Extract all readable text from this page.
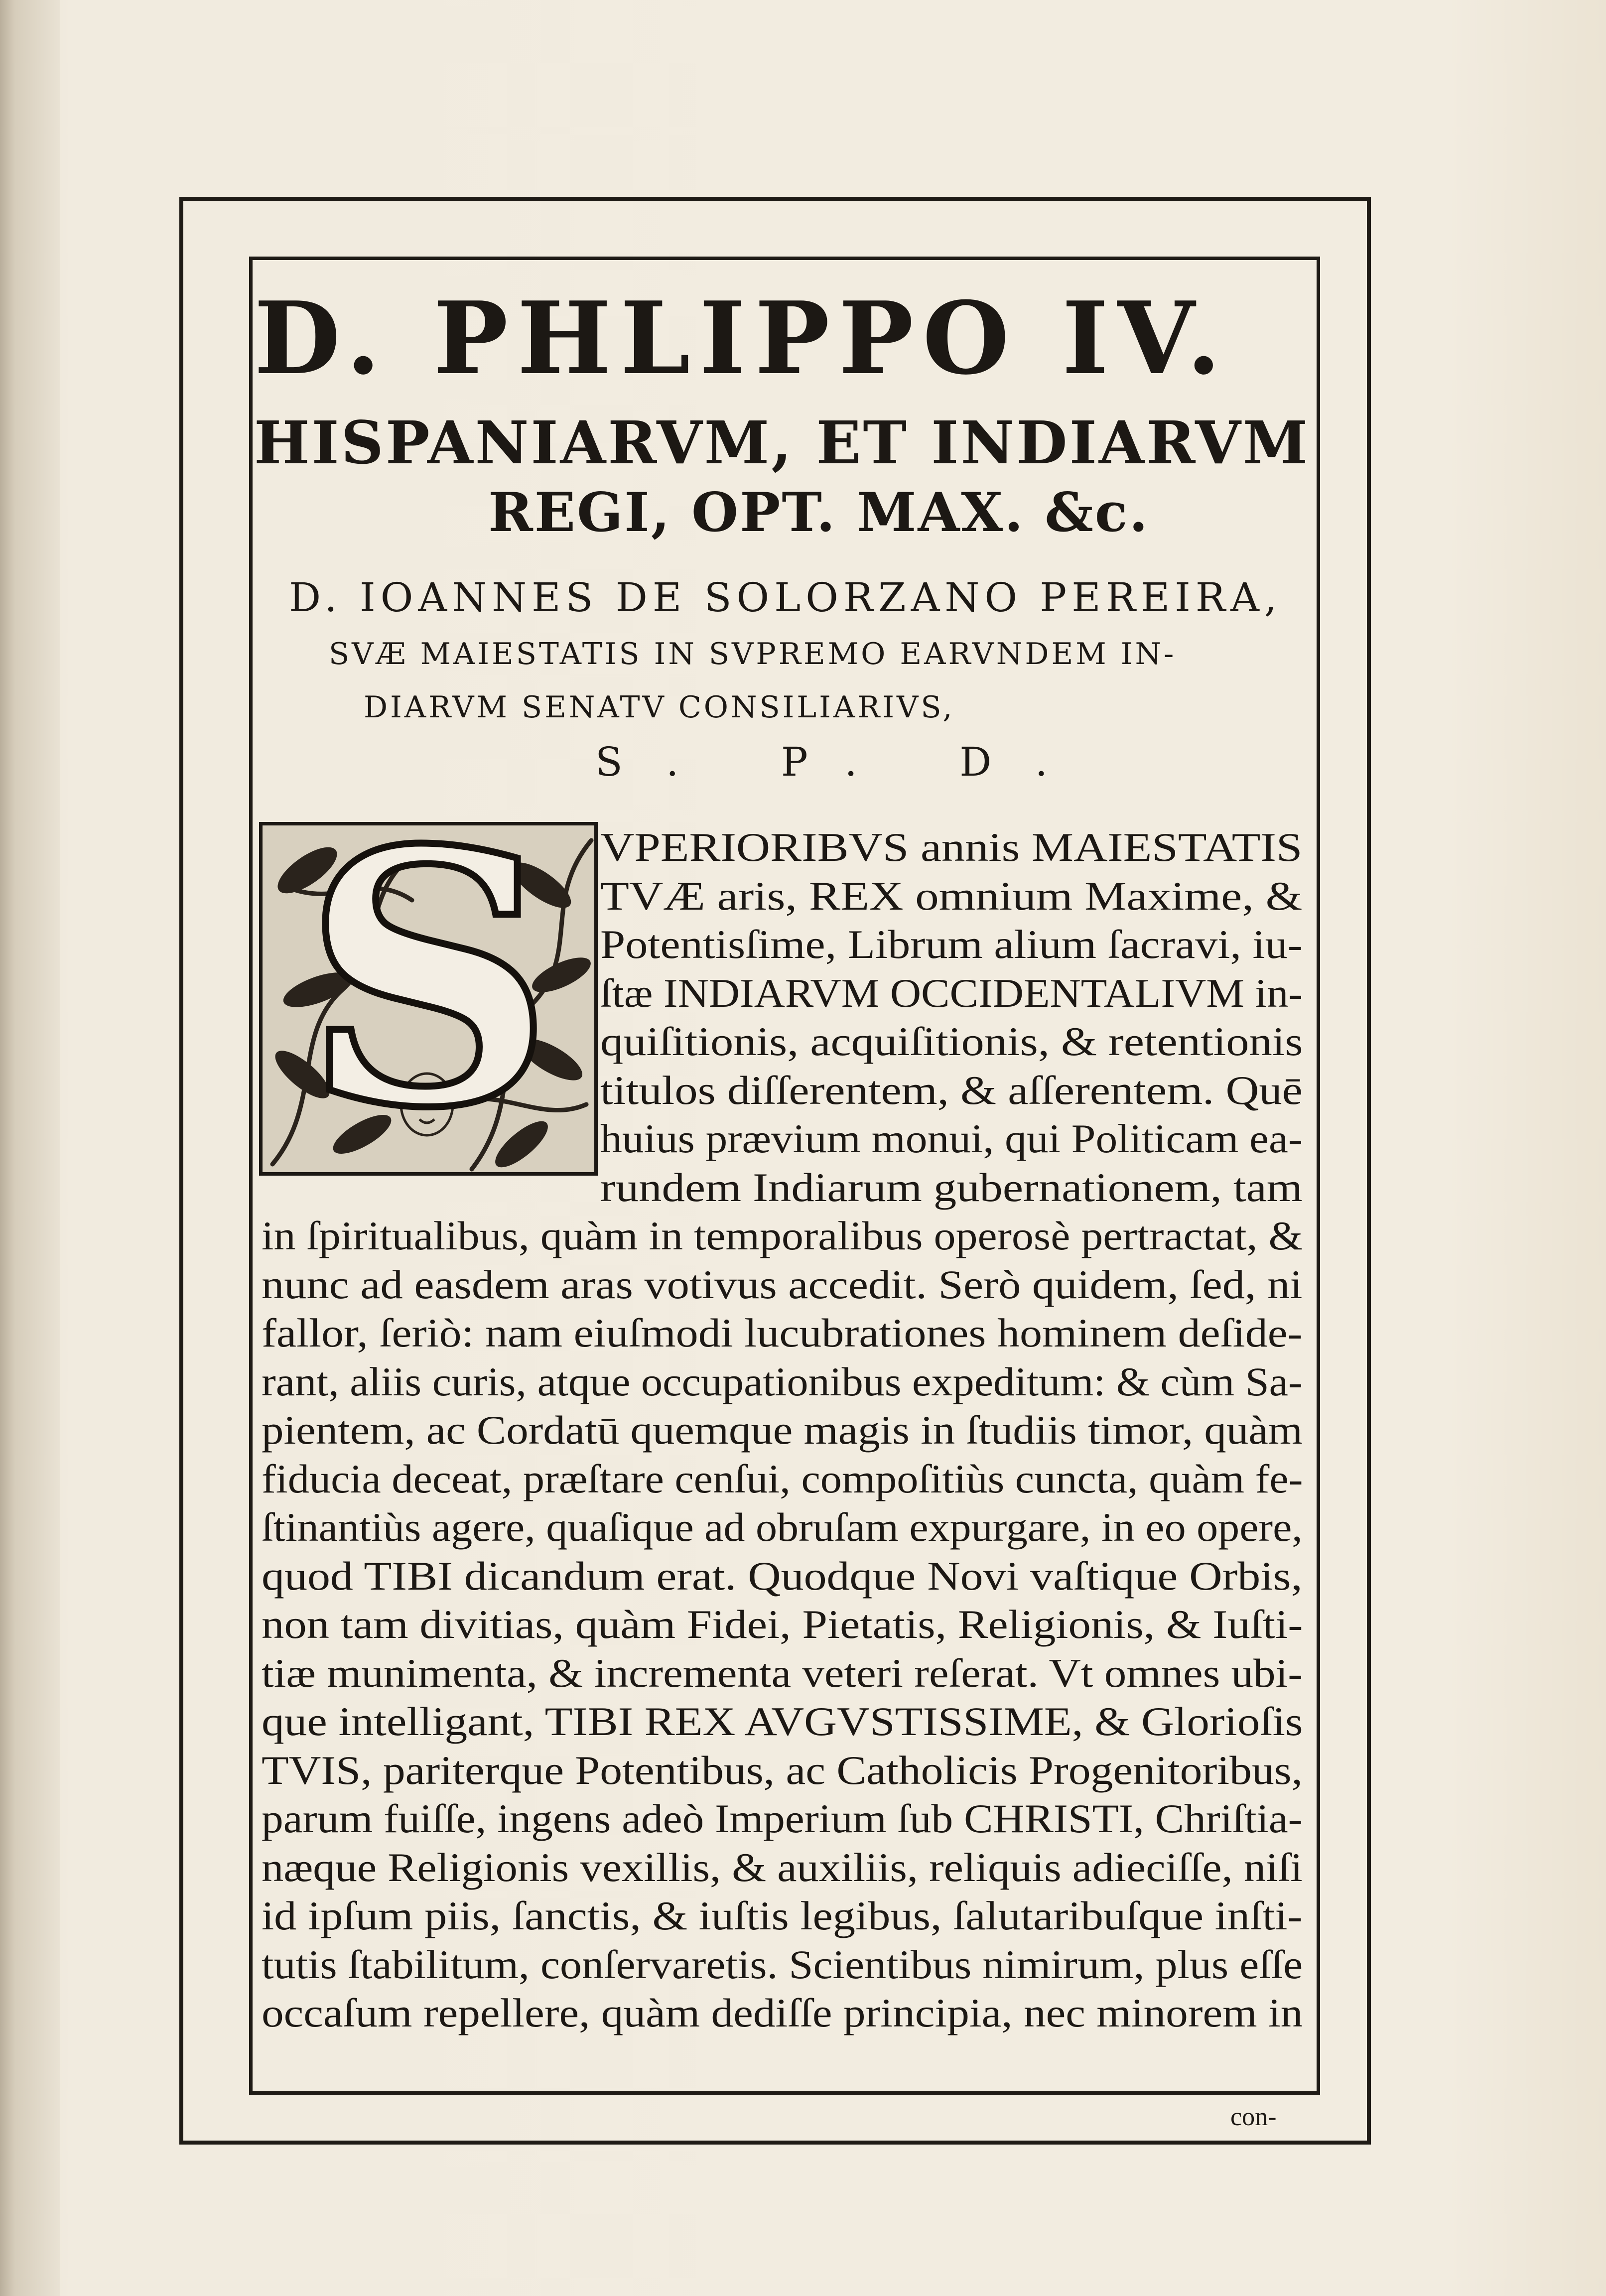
D. PHLIPPO IV.
HISPANIARVM, ET INDIARVM
REGI, OPT. MAX. &c.

D. IOANNES DE SOLORZANO PEREIRA,

SVÆ MAIESTATIS IN SVPREMO EARVNDEM IN-

DIARVM SENATV CONSILIARIVS,

S. P. D.

S	VPERIORIBVS annis MAIESTATIS

TVÆ aris, REX omnium Maxime, &

Potentisſime, Librum alium ſacravi, iu-

ſtæ INDIARVM OCCIDENTALIVM in-

quiſitionis, acquiſitionis, & retentionis

titulos diſſerentem, & aſſerentem. Quē

huius prævium monui, qui Politicam ea-

rundem Indiarum gubernationem, tam

in ſpiritualibus, quàm in temporalibus operosè pertractat, &

nunc ad easdem aras votivus accedit. Serò quidem, ſed, ni

fallor, ſeriò: nam eiuſmodi lucubrationes hominem deſide-

rant, aliis curis, atque occupationibus expeditum: & cùm Sa-

pientem, ac Cordatū quemque magis in ſtudiis timor, quàm

fiducia deceat, præſtare cenſui, compoſitiùs cuncta, quàm fe-

ſtinantiùs agere, quaſique ad obruſam expurgare, in eo opere,

quod TIBI dicandum erat. Quodque Novi vaſtique Orbis,

non tam divitias, quàm Fidei, Pietatis, Religionis, & Iuſti-

tiæ munimenta, & incrementa veteri reſerat. Vt omnes ubi-

que intelligant, TIBI REX AVGVSTISSIME, & Glorioſis

TVIS, pariterque Potentibus, ac Catholicis Progenitoribus,

parum fuiſſe, ingens adeò Imperium ſub CHRISTI, Chriſtia-

næque Religionis vexillis, & auxiliis, reliquis adieciſſe, niſi

id ipſum piis, ſanctis, & iuſtis legibus, ſalutaribuſque inſti-

tutis ſtabilitum, conſervaretis. Scientibus nimirum, plus eſſe

occaſum repellere, quàm dediſſe principia, nec minorem in

con-
